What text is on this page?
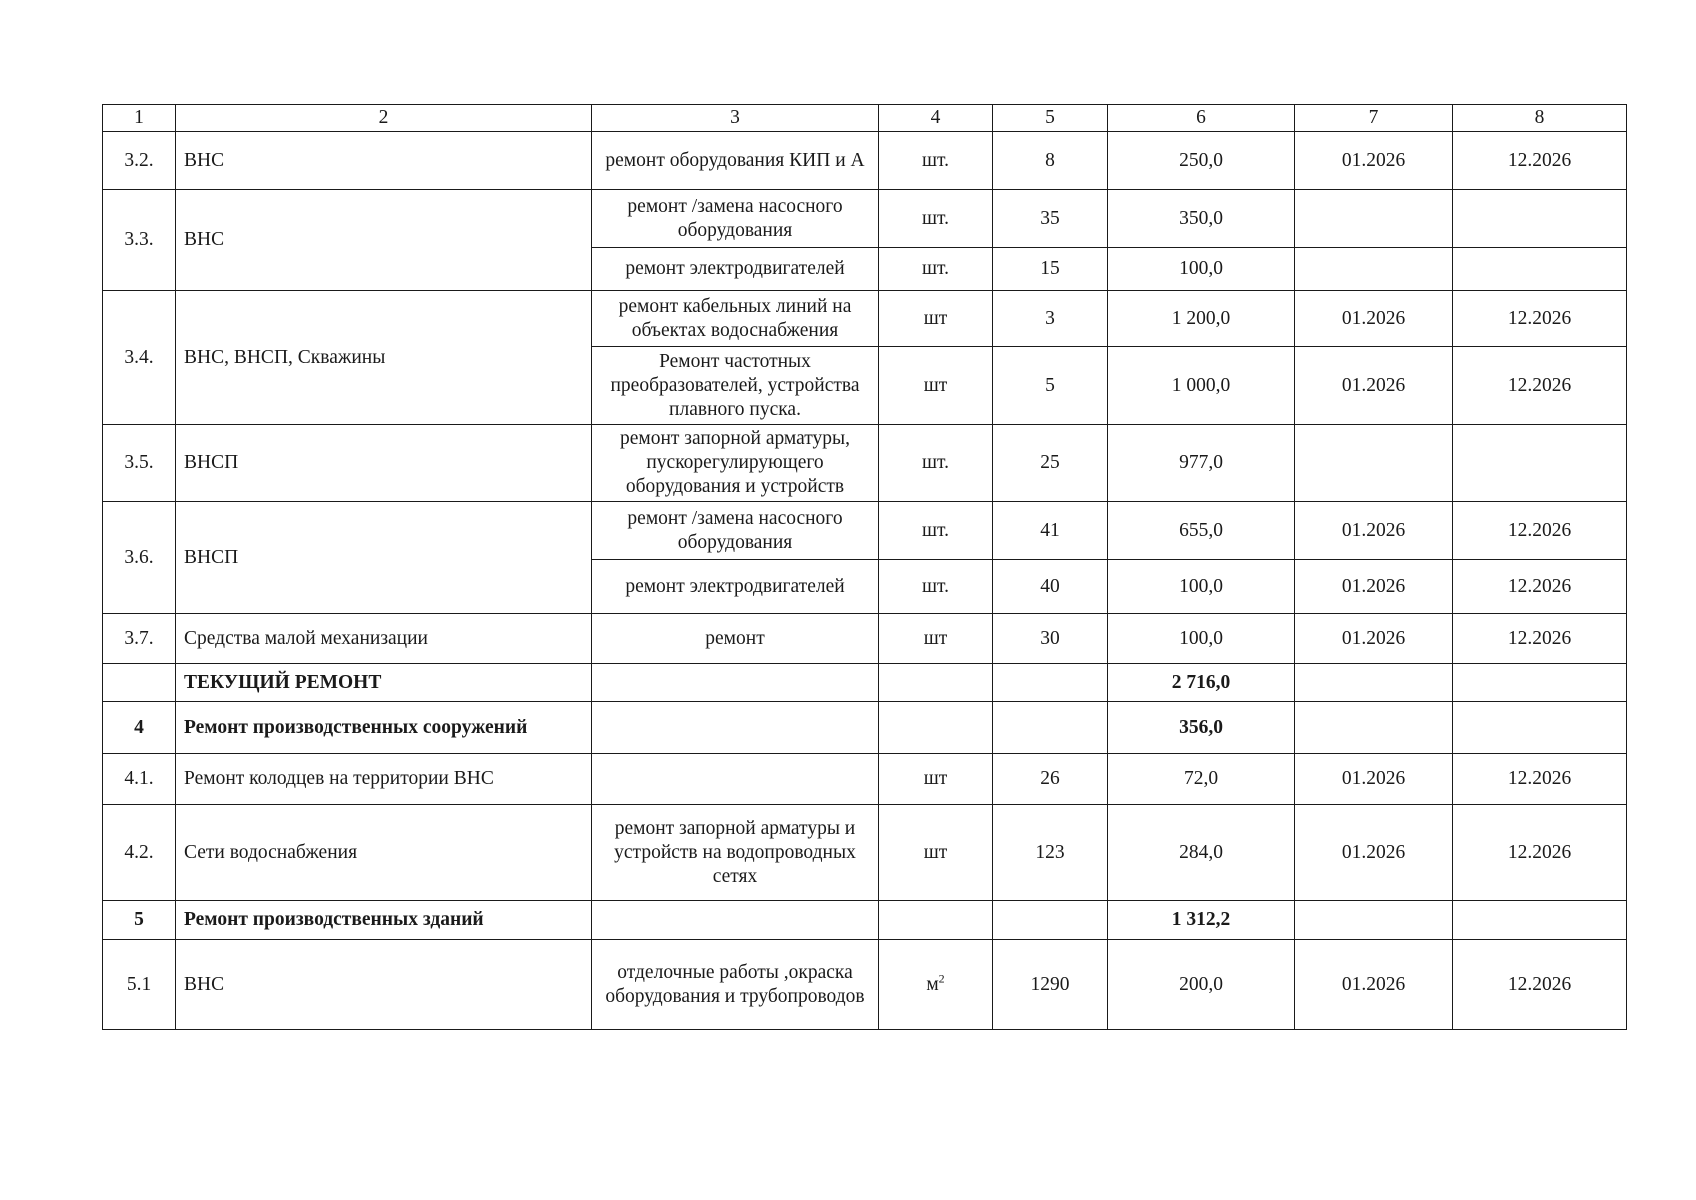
1	2	3	4	5	6	7	8
3.2.	ВНС	ремонт оборудования КИП и А	шт.	8	250,0	01.2026	12.2026
3.3.	ВНС	ремонт /замена насосного оборудования	шт.	35	350,0		
		ремонт электродвигателей	шт.	15	100,0		
3.4.	ВНС, ВНСП, Скважины	ремонт кабельных линий на объектах водоснабжения	шт	3	1 200,0	01.2026	12.2026
		Ремонт частотных преобразователей, устройства плавного пуска.	шт	5	1 000,0	01.2026	12.2026
3.5.	ВНСП	ремонт запорной арматуры, пускорегулирующего оборудования и устройств	шт.	25	977,0		
3.6.	ВНСП	ремонт /замена насосного оборудования	шт.	41	655,0	01.2026	12.2026
		ремонт электродвигателей	шт.	40	100,0	01.2026	12.2026
3.7.	Средства малой механизации	ремонт	шт	30	100,0	01.2026	12.2026
	ТЕКУЩИЙ РЕМОНТ				2 716,0		
4	Ремонт производственных сооружений				356,0		
4.1.	Ремонт колодцев на территории ВНС		шт	26	72,0	01.2026	12.2026
4.2.	Сети водоснабжения	ремонт запорной арматуры и устройств на водопроводных сетях	шт	123	284,0	01.2026	12.2026
5	Ремонт производственных зданий				1 312,2		
5.1	ВНС	отделочные работы ,окраска оборудования и трубопроводов	$м^2$	1290	200,0	01.2026	12.2026
